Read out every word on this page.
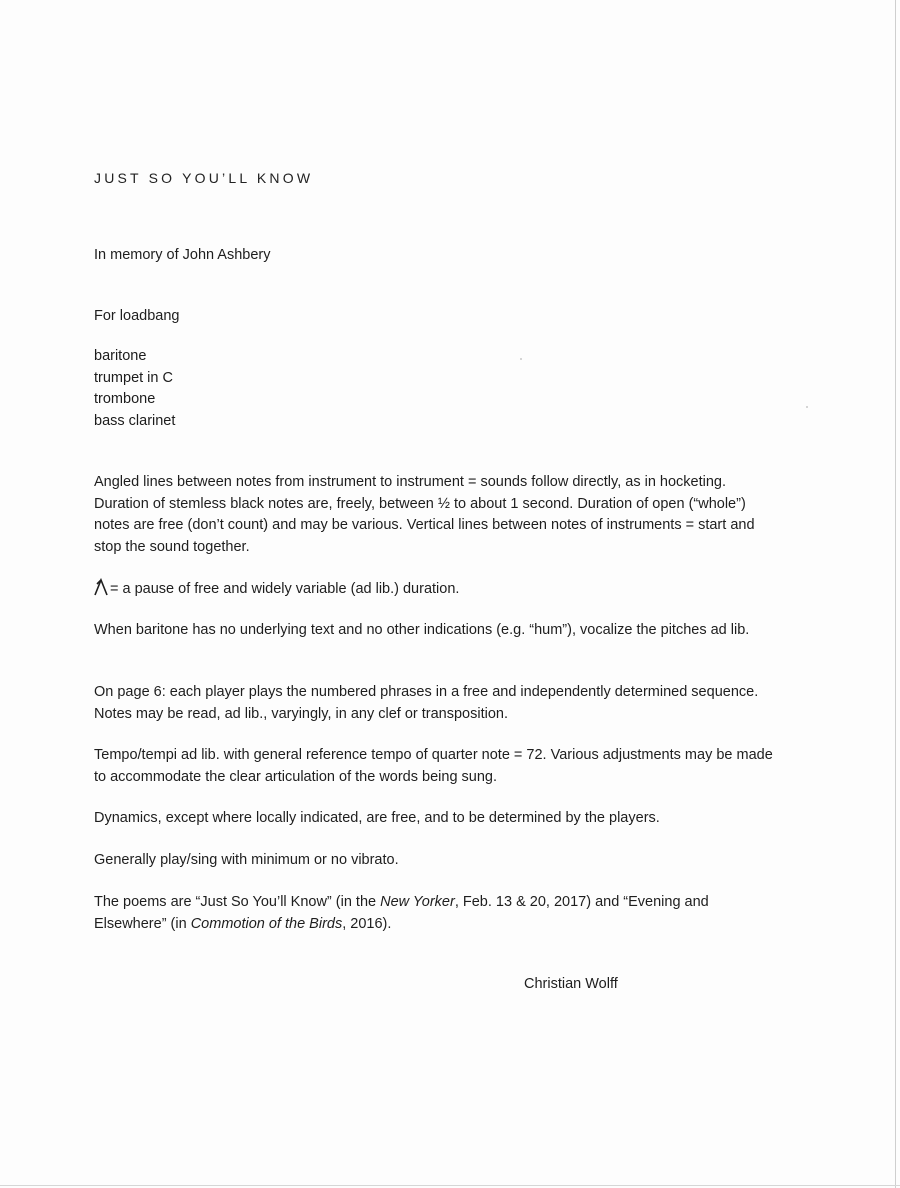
JUST SO YOU’LL KNOW
In memory of John Ashbery
For loadbang
baritone
trumpet in C
trombone
bass clarinet
Angled lines between notes from instrument to instrument = sounds follow directly, as in hocketing. Duration of stemless black notes are, freely, between ½ to about 1 second. Duration of open (“whole”) notes are free (don’t count) and may be various. Vertical lines between notes of instruments = start and stop the sound together.
= a pause of free and widely variable (ad lib.) duration.
When baritone has no underlying text and no other indications (e.g. “hum”), vocalize the pitches ad lib.
On page 6: each player plays the numbered phrases in a free and independently determined sequence. Notes may be read, ad lib., varyingly, in any clef or transposition.
Tempo/tempi ad lib. with general reference tempo of quarter note = 72. Various adjustments may be made to accommodate the clear articulation of the words being sung.
Dynamics, except where locally indicated, are free, and to be determined by the players.
Generally play/sing with minimum or no vibrato.
The poems are “Just So You’ll Know” (in the New Yorker, Feb. 13 & 20, 2017) and “Evening and Elsewhere” (in Commotion of the Birds, 2016).
Christian Wolff
